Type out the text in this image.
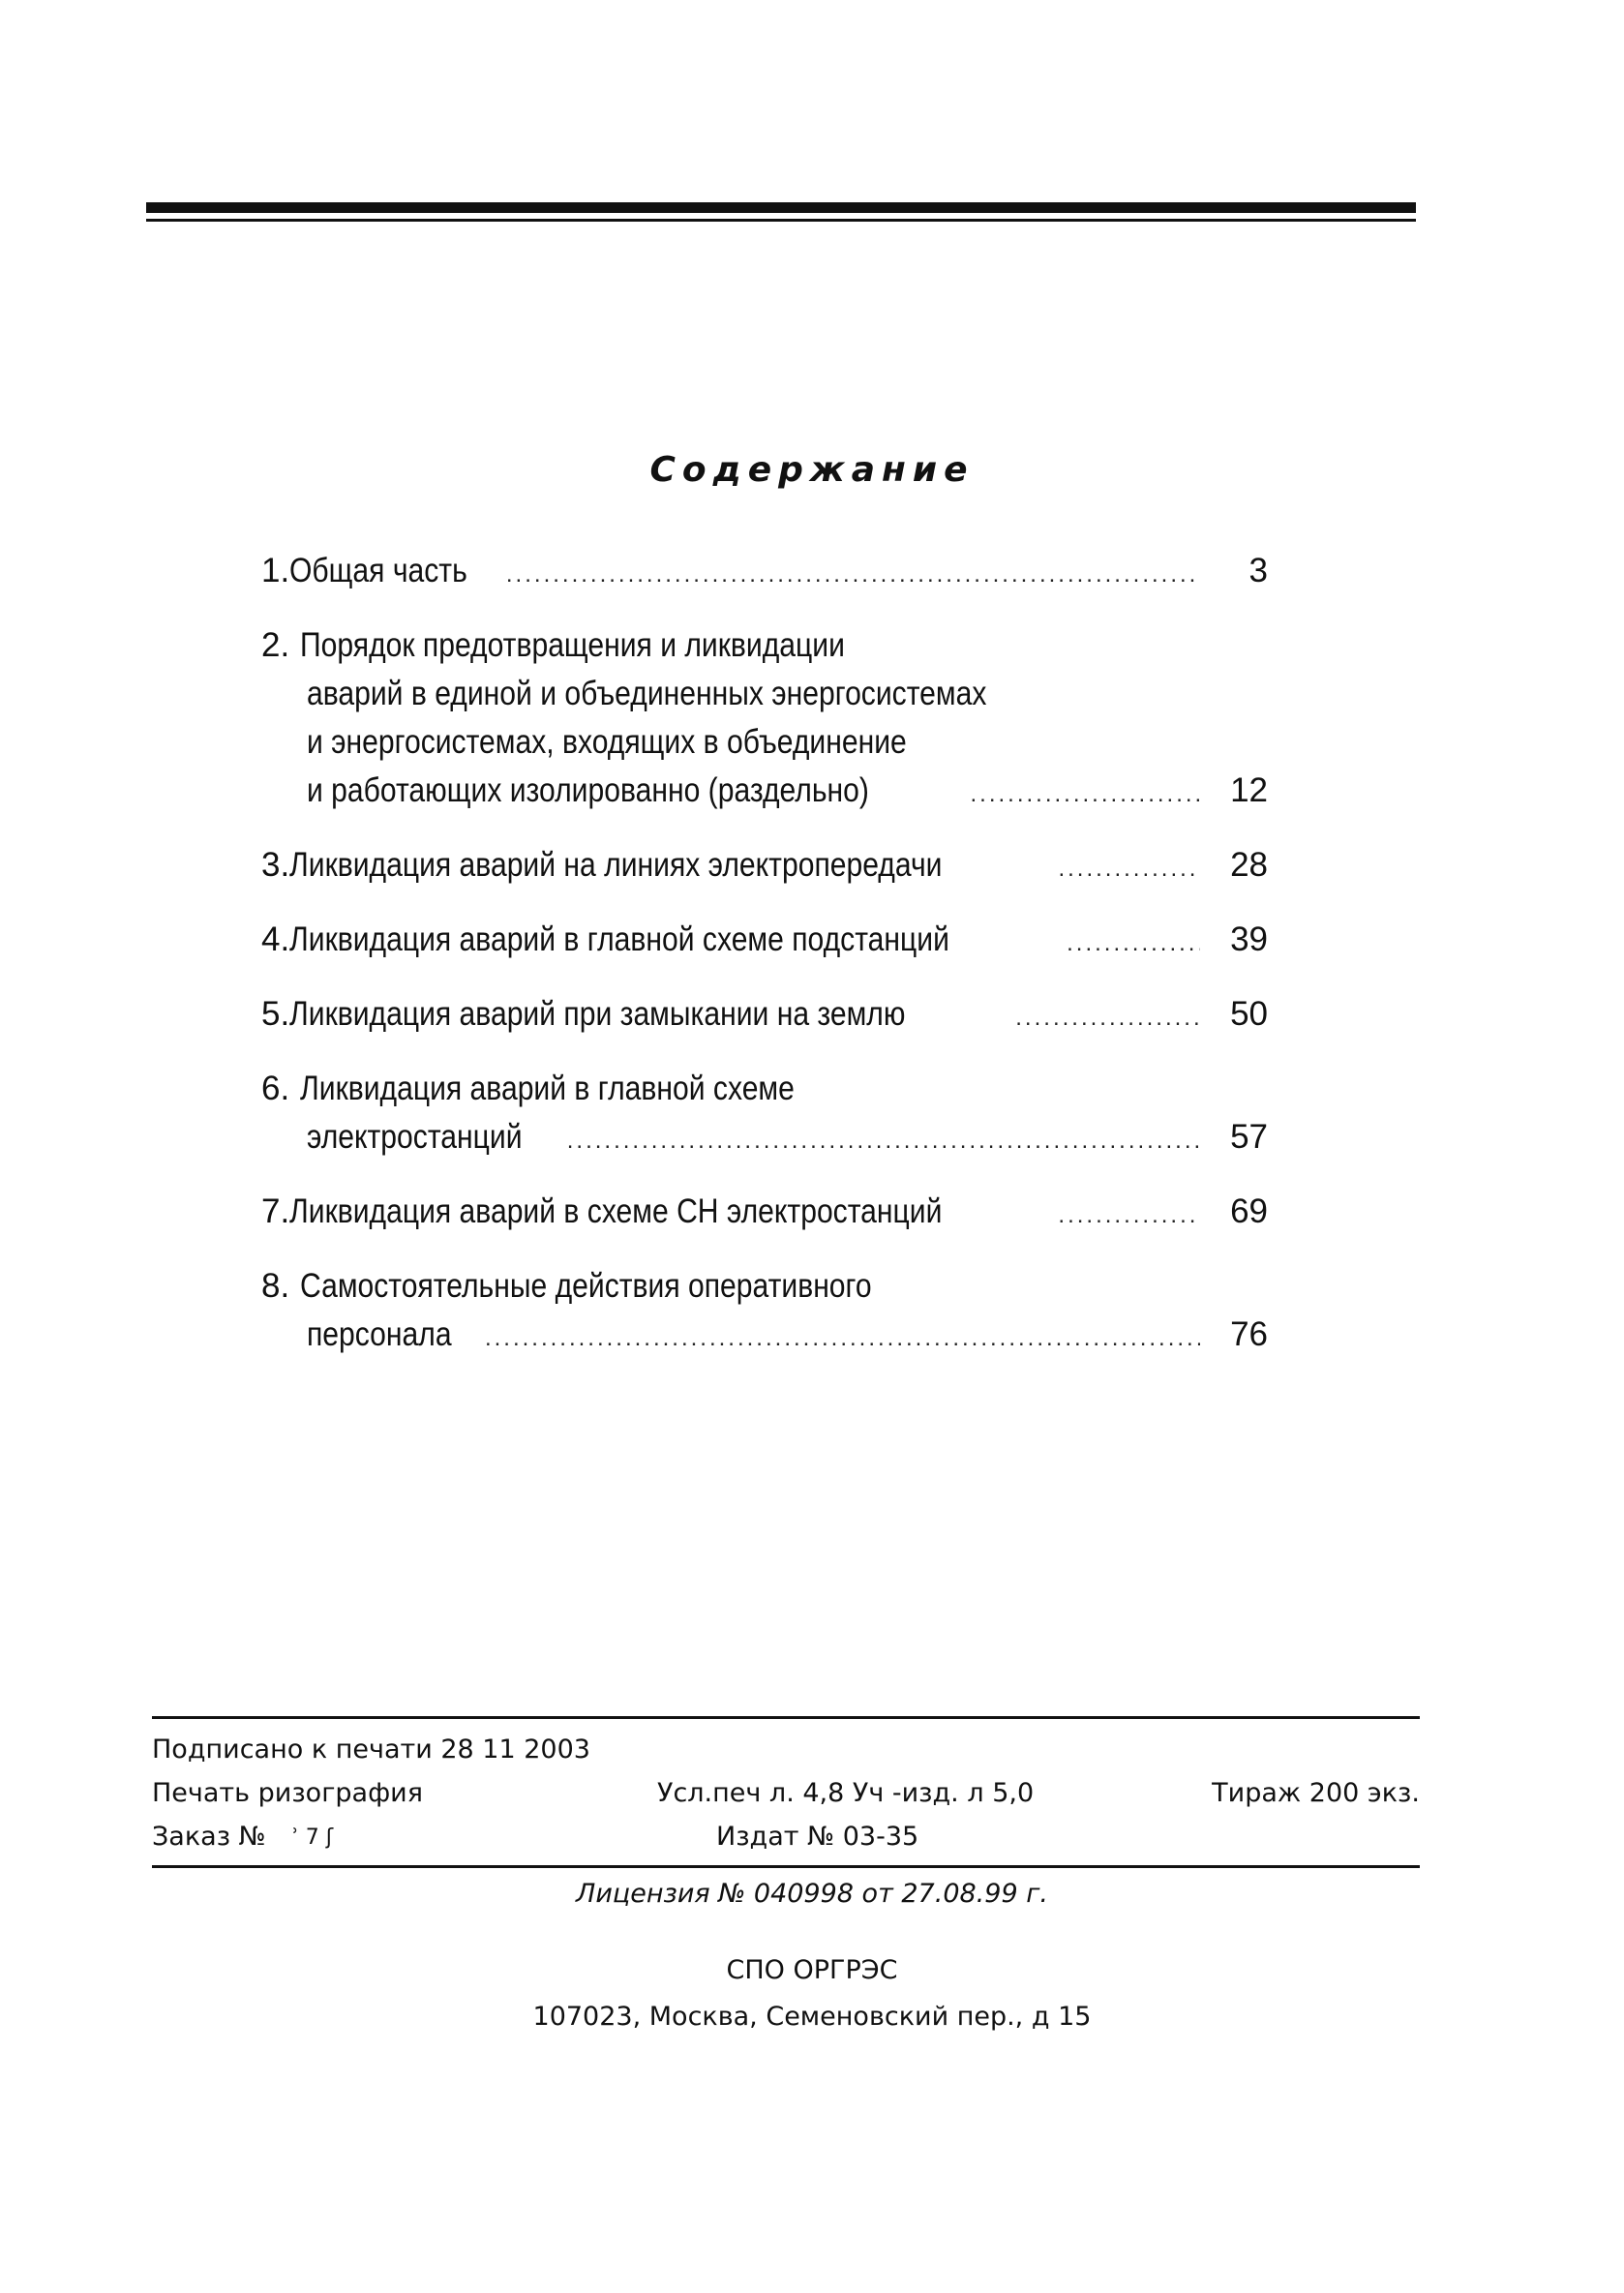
Содержание
1. Общая часть .....	3
2. Порядок предотвращения и ликвидации
аварий в единой и объединенных энергосистемах
и энергосистемах, входящих в объединение
и работающих изолированно (раздельно) .....	12
3. Ликвидация аварий на линиях электропередачи .....	28
4. Ликвидация аварий в главной схеме подстанций .....	39
5. Ликвидация аварий при замыкании на землю .....	50
6. Ликвидация аварий в главной схеме
электростанций .....	57
7. Ликвидация аварий в схеме СН электростанций .....	69
8. Самостоятельные действия оперативного
персонала .....	76
Подписано к печати 28 11 2003
Печать ризография	Усл.печ л. 4,8 Уч -изд. л 5,0	Тираж 200 экз.
Заказ № ʾ 7 ʃ	Издат № 03-35
Лицензия № 040998 от 27.08.99 г.
СПО ОРГРЭС
107023, Москва, Семеновский пер., д 15
